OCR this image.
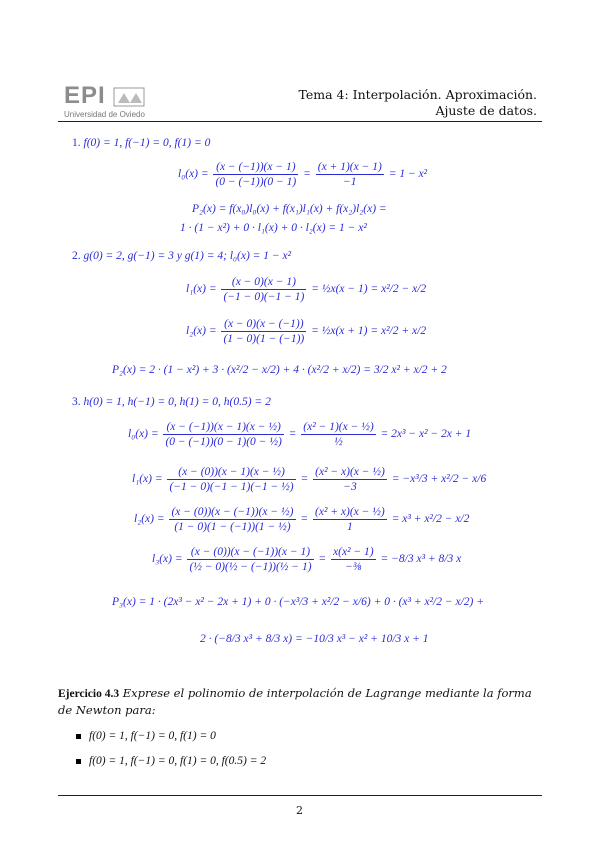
EPI
Universidad de Oviedo
Tema 4: Interpolación. Aproximación.
Ajuste de datos.
1. f(0) = 1, f(−1) = 0, f(1) = 0
$l_0(x) = \frac{(x - (-1))(x - 1)}{(0 - (-1))(0 - 1)} = \frac{(x + 1)(x - 1)}{-1} = 1 - x^2$
P₂(x) = f(x₀)l₀(x) + f(x₁)l₁(x) + f(x₂)l₂(x) =
1 · (1 − x²) + 0 · l₁(x) + 0 · l₂(x) = 1 − x²
2. g(0) = 2, g(−1) = 3 y g(1) = 4; l₀(x) = 1 − x²
$l_1(x) = \frac{(x - 0)(x - 1)}{(-1 - 0)(-1 - 1)}$ = ½x(x − 1) = x²/2 − x/2
$l_2(x) = \frac{(x - 0)(x - (-1))}{(1 - 0)(1 - (-1))}$ = ½x(x + 1) = x²/2 + x/2
P₂(x) = 2 · (1 − x²) + 3 · (x²/2 − x/2) + 4 · (x²/2 + x/2) = 3/2 x² + x/2 + 2
3. h(0) = 1, h(−1) = 0, h(1) = 0, h(0.5) = 2
$l_0(x) = \frac{\text{(x − (−1))(x − 1)(x − ½)}}{\text{(0 − (−1))(0 − 1)(0 − ½)}} = \frac{\text{(x² − 1)(x − ½)}}{\text{½}} = 2x^3 - x^2 - 2x + 1$
$l_1(x) = \frac{\text{(x − (0))(x − 1)(x − ½)}}{\text{(−1 − 0)(−1 − 1)(−1 − ½)}} = \frac{\text{(x² − x)(x − ½)}}{-3} = -x^3/3 + x^2/2 - x/6$
$l_2(x) = \frac{\text{(x − (0))(x − (−1))(x − ½)}}{\text{(1 − 0)(1 − (−1))(1 − ½)}} = \frac{\text{(x² + x)(x − ½)}}{1} = x^3 + x^2/2 - x/2$
$l_3(x) = \frac{(x - (0))(x - (-1))(x - 1)}{\text{(½ − 0)(½ − (−1))(½ − 1)}} = \frac{\text{x(x² − 1)}}{\text{−⅜}} = -8/3$ x³ + 8/3 x
P₃(x) = 1 · (2x³ − x² − 2x + 1) + 0 · (−x³/3 + x²/2 − x/6) + 0 · (x³ + x²/2 − x/2) +
2 · (−8/3 x³ + 8/3 x) = −10/3 x³ − x² + 10/3 x + 1
Ejercicio 4.3 Exprese el polinomio de interpolación de Lagrange mediante la forma de Newton para:
f(0) = 1, f(−1) = 0, f(1) = 0
f(0) = 1, f(−1) = 0, f(1) = 0, f(0.5) = 2
2
